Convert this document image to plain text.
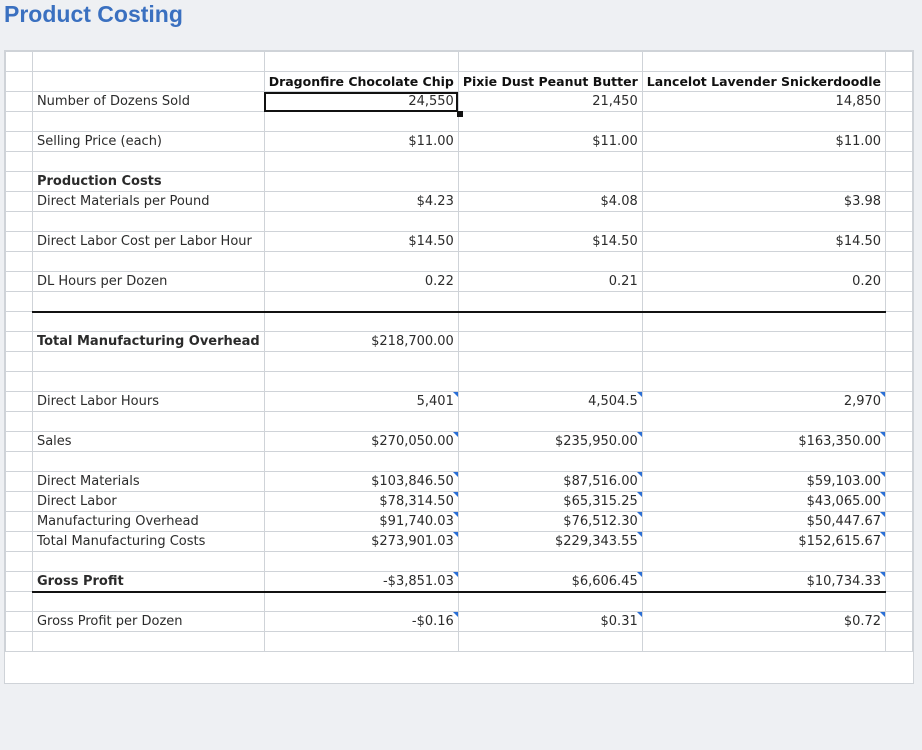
Product Costing

		Dragonfire Chocolate Chip	Pixie Dust Peanut Butter	Lancelot Lavender Snickerdoodle	
	Number of Dozens Sold	24,550	21,450	14,850	

	Selling Price (each)	$11.00	$11.00	$11.00	

	Production Costs				
	Direct Materials per Pound	$4.23	$4.08	$3.98	

	Direct Labor Cost per Labor Hour	$14.50	$14.50	$14.50	

	DL Hours per Dozen	0.22	0.21	0.20	

	Total Manufacturing Overhead	$218,700.00			

	Direct Labor Hours	5,401	4,504.5	2,970	

	Sales	$270,050.00	$235,950.00	$163,350.00	

	Direct Materials	$103,846.50	$87,516.00	$59,103.00	
	Direct Labor	$78,314.50	$65,315.25	$43,065.00	
	Manufacturing Overhead	$91,740.03	$76,512.30	$50,447.67	
	Total Manufacturing Costs	$273,901.03	$229,343.55	$152,615.67	

	Gross Profit	-$3,851.03	$6,606.45	$10,734.33	

	Gross Profit per Dozen	-$0.16	$0.31	$0.72	
